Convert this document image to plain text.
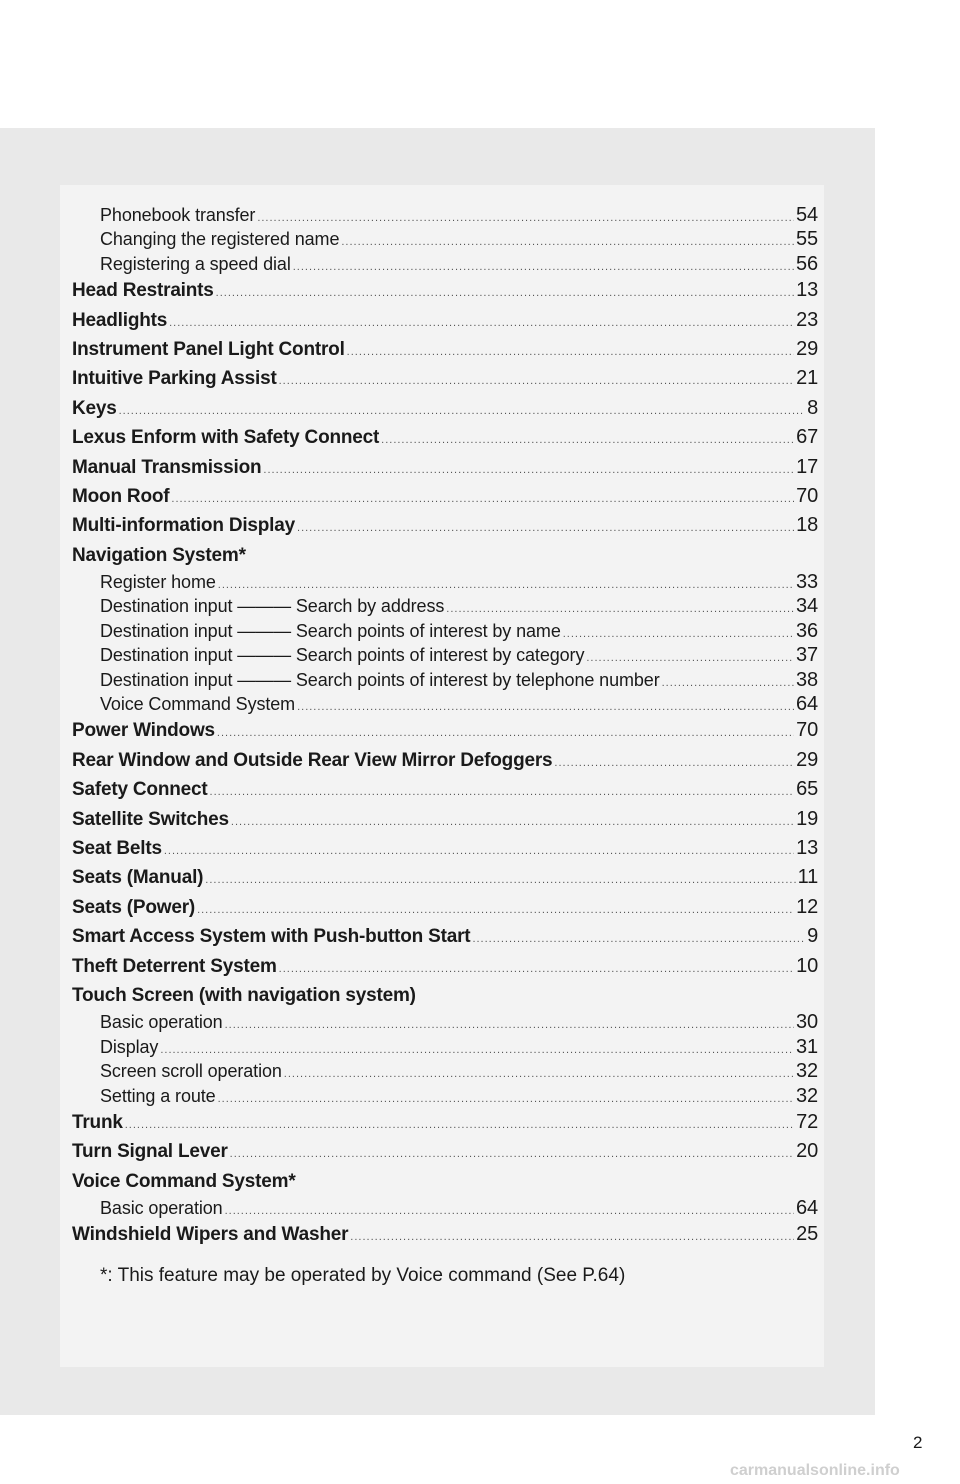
Phonebook transfer .....	54
Changing the registered name .....	55
Registering a speed dial .....	56
Head Restraints .....	13
Headlights .....	23
Instrument Panel Light Control .....	29
Intuitive Parking Assist .....	21
Keys .....	8
Lexus Enform with Safety Connect .....	67
Manual Transmission .....	17
Moon Roof .....	70
Multi-information Display .....	18
Navigation System*
Register home .....	33
Destination input ——— Search by address .....	34
Destination input ——— Search points of interest by name .....	36
Destination input ——— Search points of interest by category .....	37
Destination input ——— Search points of interest by telephone number .....	38
Voice Command System .....	64
Power Windows .....	70
Rear Window and Outside Rear View Mirror Defoggers .....	29
Safety Connect .....	65
Satellite Switches .....	19
Seat Belts .....	13
Seats (Manual) .....	11
Seats (Power) .....	12
Smart Access System with Push-button Start .....	9
Theft Deterrent System .....	10
Touch Screen (with navigation system)
Basic operation .....	30
Display .....	31
Screen scroll operation .....	32
Setting a route .....	32
Trunk .....	72
Turn Signal Lever .....	20
Voice Command System*
Basic operation .....	64
Windshield Wipers and Washer .....	25
*: This feature may be operated by Voice command (See P.64)
2
carmanualsonline.info
